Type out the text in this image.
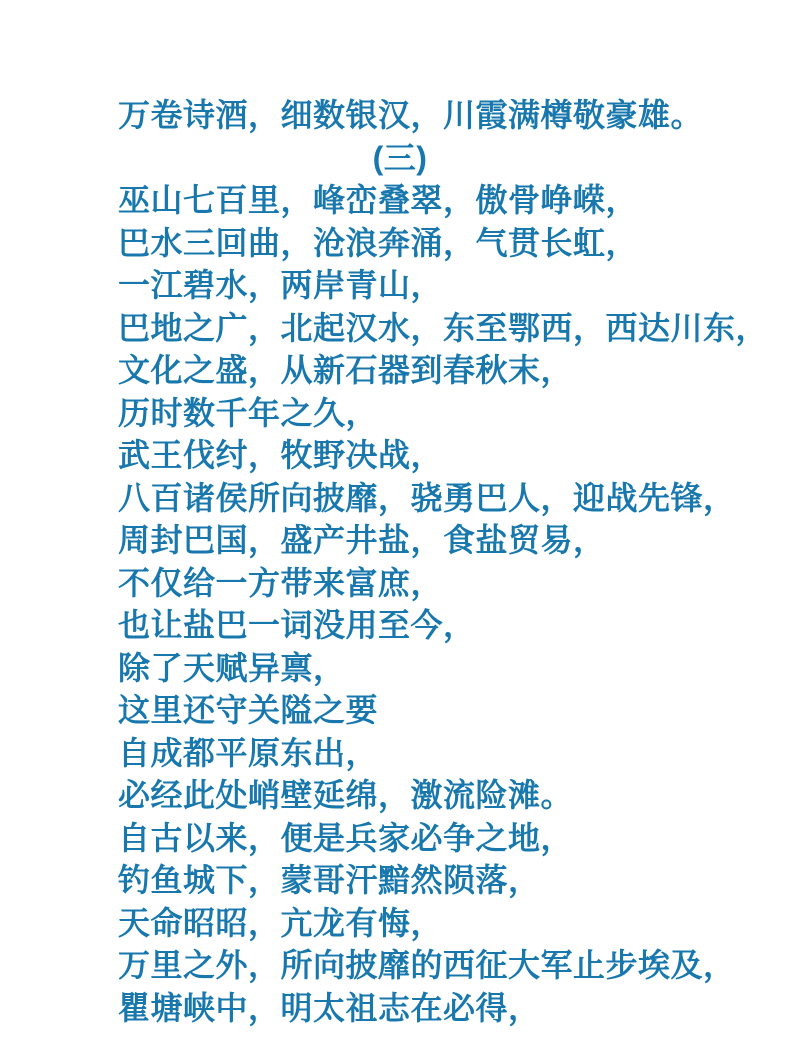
万卷诗酒，细数银汉，川霞满樽敬豪雄。
(三)
巫山七百里，峰峦叠翠，傲骨峥嵘，
巴水三回曲，沧浪奔涌，气贯长虹，
一江碧水，两岸青山，
巴地之广，北起汉水，东至鄂西，西达川东，
文化之盛，从新石器到春秋末，
历时数千年之久，
武王伐纣，牧野决战，
八百诸侯所向披靡，骁勇巴人，迎战先锋，
周封巴国，盛产井盐，食盐贸易，
不仅给一方带来富庶，
也让盐巴一词没用至今，
除了天赋异禀，
这里还守关隘之要
自成都平原东出，
必经此处峭壁延绵，激流险滩。
自古以来，便是兵家必争之地，
钓鱼城下，蒙哥汗黯然陨落，
天命昭昭，亢龙有悔，
万里之外，所向披靡的西征大军止步埃及，
瞿塘峡中，明太祖志在必得，
